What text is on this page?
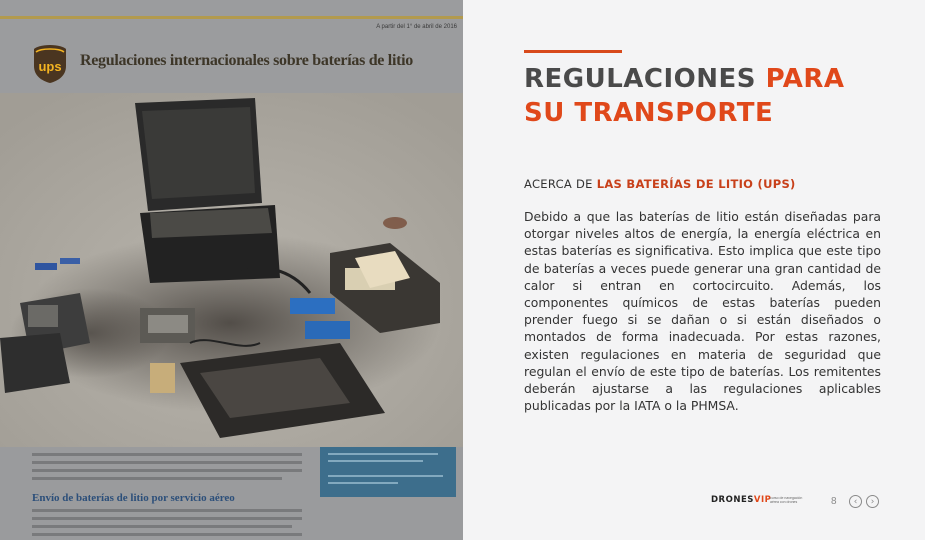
A partir del 1° de abril de 2016
ups Regulaciones internacionales sobre baterías de litio
Envío de baterías de litio por servicio aéreo
REGULACIONES PARA
SU TRANSPORTE
ACERCA DE LAS BATERÍAS DE LITIO (UPS)

Debido a que las baterías de litio están diseñadas para otorgar niveles altos de energía, la energía eléctrica en estas baterías es significativa. Esto implica que este tipo de baterías a veces puede generar una gran cantidad de calor si entran en cortocircuito. Además, los componentes químicos de estas baterías pueden prender fuego si se dañan o si están diseñados o montados de forma inadecuada. Por estas razones, existen regulaciones en materia de seguridad que regulan el envío de este tipo de baterías. Los remitentes deberán ajustarse a las regulaciones aplicables publicadas por la IATA o la PHMSA.

DRONESVIP
curso de navegación aérea con drones	8	‹	›
